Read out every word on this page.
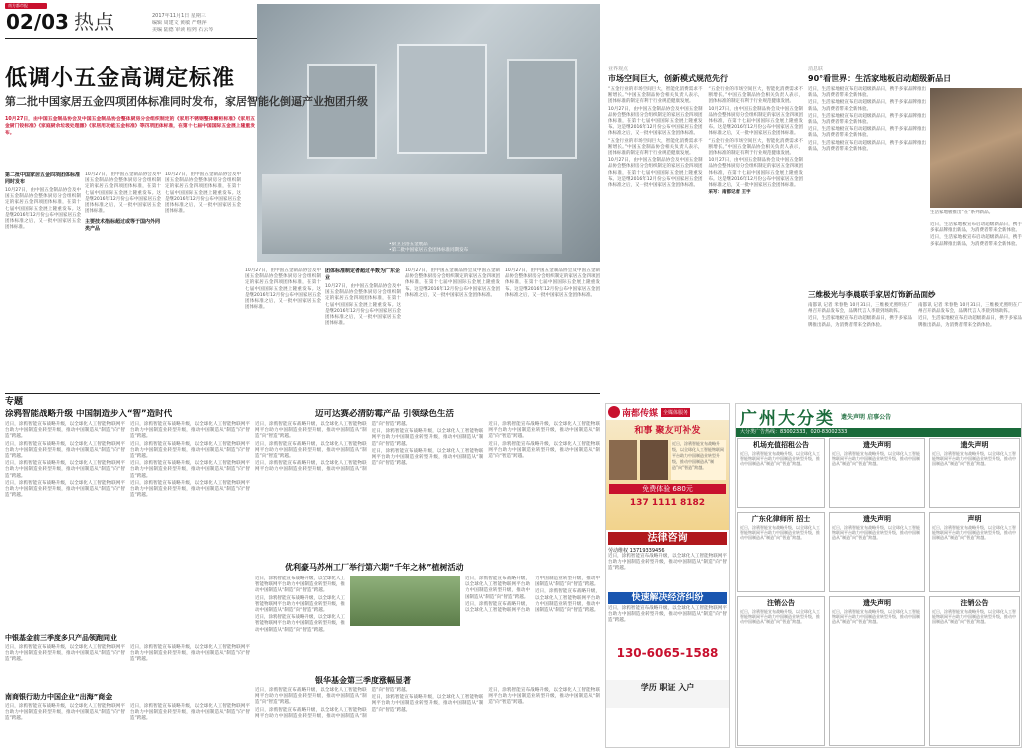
南方都市报
02/03 热点	2017年11月1日 星期三
编辑 周建文 黄敏 严继萍
美编 陆德 审读 程列 石云琴
•厨卫卫浴五金展品
•第二批中国家居五金团体标准同期发布
低调小五金高调定标准
第二批中国家居五金四项团体标准同时发布，家居智能化倒逼产业抱团升级
10月27日，由中国五金制品协会及中国五金制品协会整体厨房分会组织制定的《家用不锈钢整体橱柜标准》《家用五金厨门铰标准》《家庭厨余垃圾处理器》《家居用功能五金标准》等四项团体标准，在第十七届中国国际五金展上隆重发布。
第二批中国家居五金四项团体标准同时发布
10月27日，由中国五金制品协会及中国五金制品协会整体厨房分会组织制定的家居五金四项团体标准，在第十七届中国国际五金展上隆重发布。这是继2016年12月份公布中国家居五金团体标准之后，又一批中国家居五金团体标准。
10月27日，由中国五金制品协会及中国五金制品协会整体厨房分会组织制定的家居五金四项团体标准，在第十七届中国国际五金展上隆重发布。这是继2016年12月份公布中国家居五金团体标准之后，又一批中国家居五金团体标准。
主要技术指标超过或等于国内外同类产品
10月27日，由中国五金制品协会及中国五金制品协会整体厨房分会组织制定的家居五金四项团体标准，在第十七届中国国际五金展上隆重发布。这是继2016年12月份公布中国家居五金团体标准之后，又一批中国家居五金团体标准。
10月27日，由中国五金制品协会及中国五金制品协会整体厨房分会组织制定的家居五金四项团体标准，在第十七届中国国际五金展上隆重发布。这是继2016年12月份公布中国家居五金团体标准之后，又一批中国家居五金团体标准。
团体标准制定者超过半数为广东企业
10月27日，由中国五金制品协会及中国五金制品协会整体厨房分会组织制定的家居五金四项团体标准，在第十七届中国国际五金展上隆重发布。这是继2016年12月份公布中国家居五金团体标准之后，又一批中国家居五金团体标准。
10月27日，由中国五金制品协会及中国五金制品协会整体厨房分会组织制定的家居五金四项团体标准，在第十七届中国国际五金展上隆重发布。这是继2016年12月份公布中国家居五金团体标准之后，又一批中国家居五金团体标准。
10月27日，由中国五金制品协会及中国五金制品协会整体厨房分会组织制定的家居五金四项团体标准，在第十七届中国国际五金展上隆重发布。这是继2016年12月份公布中国家居五金团体标准之后，又一批中国家居五金团体标准。
业界观点
市场空间巨大，创新模式规范先行

“五金行业的市场空间巨大，智能化消费需求不断增长。”中国五金制品协会相关负责人表示，团体标准的制定有利于行业规范健康发展。

10月27日，由中国五金制品协会及中国五金制品协会整体厨房分会组织制定的家居五金四项团体标准，在第十七届中国国际五金展上隆重发布。这是继2016年12月份公布中国家居五金团体标准之后，又一批中国家居五金团体标准。

“五金行业的市场空间巨大，智能化消费需求不断增长。”中国五金制品协会相关负责人表示，团体标准的制定有利于行业规范健康发展。

10月27日，由中国五金制品协会及中国五金制品协会整体厨房分会组织制定的家居五金四项团体标准，在第十七届中国国际五金展上隆重发布。这是继2016年12月份公布中国家居五金团体标准之后，又一批中国家居五金团体标准。

“五金行业的市场空间巨大，智能化消费需求不断增长。”中国五金制品协会相关负责人表示，团体标准的制定有利于行业规范健康发展。

10月27日，由中国五金制品协会及中国五金制品协会整体厨房分会组织制定的家居五金四项团体标准，在第十七届中国国际五金展上隆重发布。这是继2016年12月份公布中国家居五金团体标准之后，又一批中国家居五金团体标准。

“五金行业的市场空间巨大，智能化消费需求不断增长。”中国五金制品协会相关负责人表示，团体标准的制定有利于行业规范健康发展。

10月27日，由中国五金制品协会及中国五金制品协会整体厨房分会组织制定的家居五金四项团体标准，在第十七届中国国际五金展上隆重发布。这是继2016年12月份公布中国家居五金团体标准之后，又一批中国家居五金团体标准。

采写：南都记者 王宇

消息联
90°看世界：生活家地板启动超级新品日

近日，生活家地板宣布启动超级新品日，携手多家品牌推出新品，为消费者带来全新体验。

近日，生活家地板宣布启动超级新品日，携手多家品牌推出新品，为消费者带来全新体验。

近日，生活家地板宣布启动超级新品日，携手多家品牌推出新品，为消费者带来全新体验。

近日，生活家地板宣布启动超级新品日，携手多家品牌推出新品，为消费者带来全新体验。

近日，生活家地板宣布启动超级新品日，携手多家品牌推出新品，为消费者带来全新体验。

生活家地板推出“在”系列新品。

近日，生活家地板宣布启动超级新品日，携手多家品牌推出新品，为消费者带来全新体验。

近日，生活家地板宣布启动超级新品日，携手多家品牌推出新品，为消费者带来全新体验。

三维极光与李晨联手家居灯饰新品面纱

南都讯 记者 米春艳 10月31日，三维极光照明在广州召开新品发布会，品牌代言人李晨到场助阵。

近日，生活家地板宣布启动超级新品日，携手多家品牌推出新品，为消费者带来全新体验。

南都讯 记者 米春艳 10月31日，三维极光照明在广州召开新品发布会，品牌代言人李晨到场助阵。

近日，生活家地板宣布启动超级新品日，携手多家品牌推出新品，为消费者带来全新体验。

专题
涂鸦智能战略升级 中国制造步入“智”造时代

近日，涂鸦智能宣布战略升级，以全球化人工智能物联网平台助力中国制造业转型升级，推动中国制造从“制造”向“智造”跨越。

近日，涂鸦智能宣布战略升级，以全球化人工智能物联网平台助力中国制造业转型升级，推动中国制造从“制造”向“智造”跨越。

近日，涂鸦智能宣布战略升级，以全球化人工智能物联网平台助力中国制造业转型升级，推动中国制造从“制造”向“智造”跨越。

近日，涂鸦智能宣布战略升级，以全球化人工智能物联网平台助力中国制造业转型升级，推动中国制造从“制造”向“智造”跨越。

近日，涂鸦智能宣布战略升级，以全球化人工智能物联网平台助力中国制造业转型升级，推动中国制造从“制造”向“智造”跨越。

近日，涂鸦智能宣布战略升级，以全球化人工智能物联网平台助力中国制造业转型升级，推动中国制造从“制造”向“智造”跨越。

近日，涂鸦智能宣布战略升级，以全球化人工智能物联网平台助力中国制造业转型升级，推动中国制造从“制造”向“智造”跨越。

近日，涂鸦智能宣布战略升级，以全球化人工智能物联网平台助力中国制造业转型升级，推动中国制造从“制造”向“智造”跨越。

中银基金前三季度多只产品领跑同业

近日，涂鸦智能宣布战略升级，以全球化人工智能物联网平台助力中国制造业转型升级，推动中国制造从“制造”向“智造”跨越。

近日，涂鸦智能宣布战略升级，以全球化人工智能物联网平台助力中国制造业转型升级，推动中国制造从“制造”向“智造”跨越。

南商银行助力中国企业“出海”商金

近日，涂鸦智能宣布战略升级，以全球化人工智能物联网平台助力中国制造业转型升级，推动中国制造从“制造”向“智造”跨越。

近日，涂鸦智能宣布战略升级，以全球化人工智能物联网平台助力中国制造业转型升级，推动中国制造从“制造”向“智造”跨越。

迈可达赛必清防霉产品 引领绿色生活

近日，涂鸦智能宣布战略升级，以全球化人工智能物联网平台助力中国制造业转型升级，推动中国制造从“制造”向“智造”跨越。

近日，涂鸦智能宣布战略升级，以全球化人工智能物联网平台助力中国制造业转型升级，推动中国制造从“制造”向“智造”跨越。

近日，涂鸦智能宣布战略升级，以全球化人工智能物联网平台助力中国制造业转型升级，推动中国制造从“制造”向“智造”跨越。

近日，涂鸦智能宣布战略升级，以全球化人工智能物联网平台助力中国制造业转型升级，推动中国制造从“制造”向“智造”跨越。

近日，涂鸦智能宣布战略升级，以全球化人工智能物联网平台助力中国制造业转型升级，推动中国制造从“制造”向“智造”跨越。

近日，涂鸦智能宣布战略升级，以全球化人工智能物联网平台助力中国制造业转型升级，推动中国制造从“制造”向“智造”跨越。

近日，涂鸦智能宣布战略升级，以全球化人工智能物联网平台助力中国制造业转型升级，推动中国制造从“制造”向“智造”跨越。

优利豪马苏州工厂举行第六期“千年之林”植树活动

近日，涂鸦智能宣布战略升级，以全球化人工智能物联网平台助力中国制造业转型升级，推动中国制造从“制造”向“智造”跨越。

近日，涂鸦智能宣布战略升级，以全球化人工智能物联网平台助力中国制造业转型升级，推动中国制造从“制造”向“智造”跨越。

近日，涂鸦智能宣布战略升级，以全球化人工智能物联网平台助力中国制造业转型升级，推动中国制造从“制造”向“智造”跨越。

近日，涂鸦智能宣布战略升级，以全球化人工智能物联网平台助力中国制造业转型升级，推动中国制造从“制造”向“智造”跨越。

近日，涂鸦智能宣布战略升级，以全球化人工智能物联网平台助力中国制造业转型升级，推动中国制造从“制造”向“智造”跨越。

近日，涂鸦智能宣布战略升级，以全球化人工智能物联网平台助力中国制造业转型升级，推动中国制造从“制造”向“智造”跨越。

银华基金第三季度涨幅显著

近日，涂鸦智能宣布战略升级，以全球化人工智能物联网平台助力中国制造业转型升级，推动中国制造从“制造”向“智造”跨越。

近日，涂鸦智能宣布战略升级，以全球化人工智能物联网平台助力中国制造业转型升级，推动中国制造从“制造”向“智造”跨越。

近日，涂鸦智能宣布战略升级，以全球化人工智能物联网平台助力中国制造业转型升级，推动中国制造从“制造”向“智造”跨越。

近日，涂鸦智能宣布战略升级，以全球化人工智能物联网平台助力中国制造业转型升级，推动中国制造从“制造”向“智造”跨越。

南都传媒	全媒体服务
和事 聚友可补发
近日，涂鸦智能宣布战略升级，以全球化人工智能物联网平台助力中国制造业转型升级，推动中国制造从“制造”向“智造”跨越。
免费体验 680元
137 1111 8182
法律咨询
劳动维权 13719339456
近日，涂鸦智能宣布战略升级，以全球化人工智能物联网平台助力中国制造业转型升级，推动中国制造从“制造”向“智造”跨越。
快速解决经济纠纷
近日，涂鸦智能宣布战略升级，以全球化人工智能物联网平台助力中国制造业转型升级，推动中国制造从“制造”向“智造”跨越。
130-6065-1588
学历 职证 入户
广州大分类 遗失声明 启事公告
大分类广告热线：83002333，020-83002333
机场充值招租公告
近日，涂鸦智能宣布战略升级，以全球化人工智能物联网平台助力中国制造业转型升级，推动中国制造从“制造”向“智造”跨越。
遗失声明
近日，涂鸦智能宣布战略升级，以全球化人工智能物联网平台助力中国制造业转型升级，推动中国制造从“制造”向“智造”跨越。
遗失声明
近日，涂鸦智能宣布战略升级，以全球化人工智能物联网平台助力中国制造业转型升级，推动中国制造从“制造”向“智造”跨越。
广东化律师所 招士
近日，涂鸦智能宣布战略升级，以全球化人工智能物联网平台助力中国制造业转型升级，推动中国制造从“制造”向“智造”跨越。
遗失声明
近日，涂鸦智能宣布战略升级，以全球化人工智能物联网平台助力中国制造业转型升级，推动中国制造从“制造”向“智造”跨越。
声明
近日，涂鸦智能宣布战略升级，以全球化人工智能物联网平台助力中国制造业转型升级，推动中国制造从“制造”向“智造”跨越。
注销公告
近日，涂鸦智能宣布战略升级，以全球化人工智能物联网平台助力中国制造业转型升级，推动中国制造从“制造”向“智造”跨越。
遗失声明
近日，涂鸦智能宣布战略升级，以全球化人工智能物联网平台助力中国制造业转型升级，推动中国制造从“制造”向“智造”跨越。
注销公告
近日，涂鸦智能宣布战略升级，以全球化人工智能物联网平台助力中国制造业转型升级，推动中国制造从“制造”向“智造”跨越。
